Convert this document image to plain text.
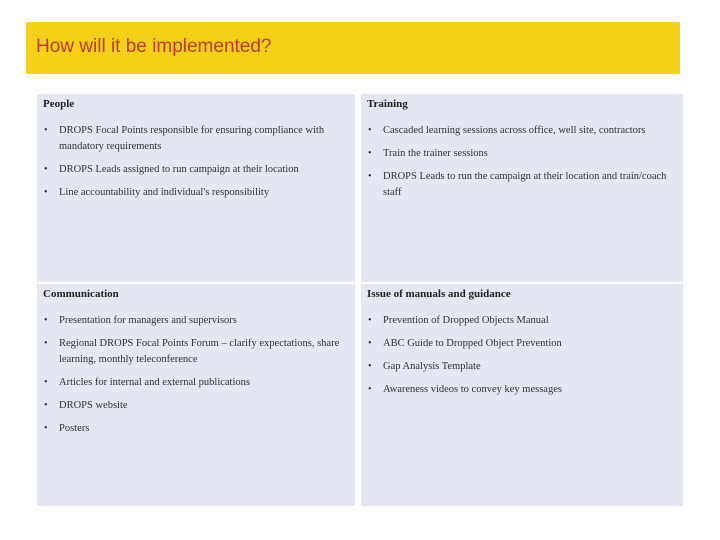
How will it be implemented?
People
• DROPS Focal Points responsible for ensuring compliance with mandatory requirements
• DROPS Leads assigned to run campaign at their location
• Line accountability and individual's responsibility
Training
• Cascaded learning sessions across office, well site, contractors
• Train the trainer sessions
• DROPS Leads to run the campaign at their location and train/coach staff
Communication
• Presentation for managers and supervisors
• Regional DROPS Focal Points Forum – clarify expectations, share learning, monthly teleconference
• Articles for internal and external publications
• DROPS website
• Posters
Issue of manuals and guidance
• Prevention of Dropped Objects Manual
• ABC Guide to Dropped Object Prevention
• Gap Analysis Template
• Awareness videos to convey key messages
